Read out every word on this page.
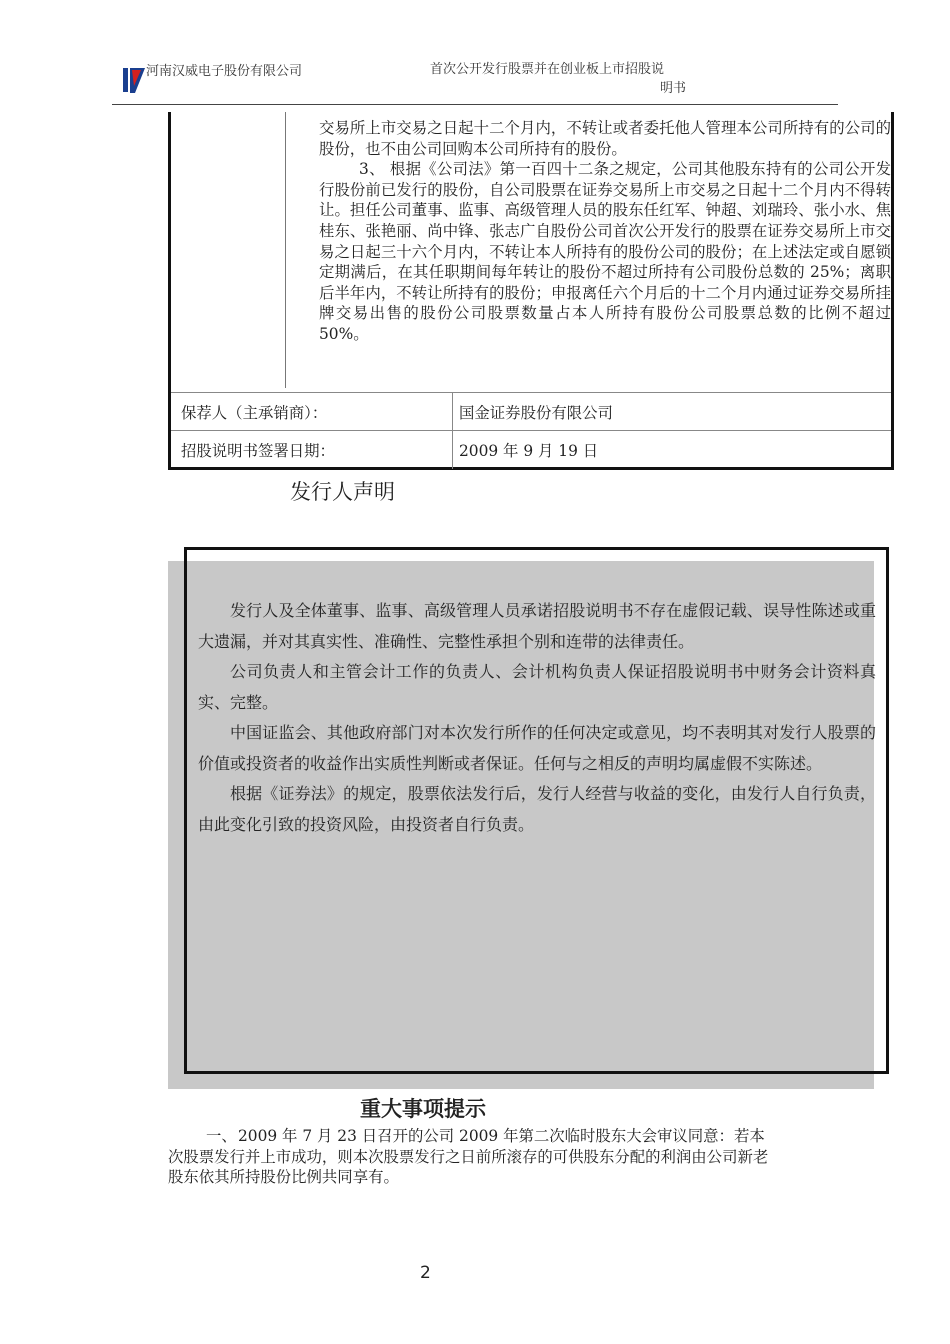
河南汉威电子股份有限公司	首次公开发行股票并在创业板上市招股说
明书

交易所上市交易之日起十二个月内，不转让或者委托他人管理本公司所持有的公司的股份，也不由公司回购本公司所持有的股份。

3、 根据《公司法》第一百四十二条之规定，公司其他股东持有的公司公开发行股份前已发行的股份，自公司股票在证券交易所上市交易之日起十二个月内不得转让。担任公司董事、监事、高级管理人员的股东任红军、钟超、刘瑞玲、张小水、焦桂东、张艳丽、尚中锋、张志广自股份公司首次公开发行的股票在证券交易所上市交易之日起三十六个月内，不转让本人所持有的股份公司的股份；在上述法定或自愿锁定期满后，在其任职期间每年转让的股份不超过所持有公司股份总数的 25%；离职后半年内，不转让所持有的股份；申报离任六个月后的十二个月内通过证券交易所挂牌交易出售的股份公司股票数量占本人所持有股份公司股票总数的比例不超过 50%。

保荐人（主承销商）：	国金证券股份有限公司
招股说明书签署日期：	2009 年 9 月 19 日
发行人声明

发行人及全体董事、监事、高级管理人员承诺招股说明书不存在虚假记载、误导性陈述或重大遗漏，并对其真实性、准确性、完整性承担个别和连带的法律责任。

公司负责人和主管会计工作的负责人、会计机构负责人保证招股说明书中财务会计资料真实、完整。

中国证监会、其他政府部门对本次发行所作的任何决定或意见，均不表明其对发行人股票的价值或投资者的收益作出实质性判断或者保证。任何与之相反的声明均属虚假不实陈述。

根据《证券法》的规定，股票依法发行后，发行人经营与收益的变化，由发行人自行负责，由此变化引致的投资风险，由投资者自行负责。

重大事项提示
一、2009 年 7 月 23 日召开的公司 2009 年第二次临时股东大会审议同意：若本次股票发行并上市成功，则本次股票发行之日前所滚存的可供股东分配的利润由公司新老股东依其所持股份比例共同享有。
2
